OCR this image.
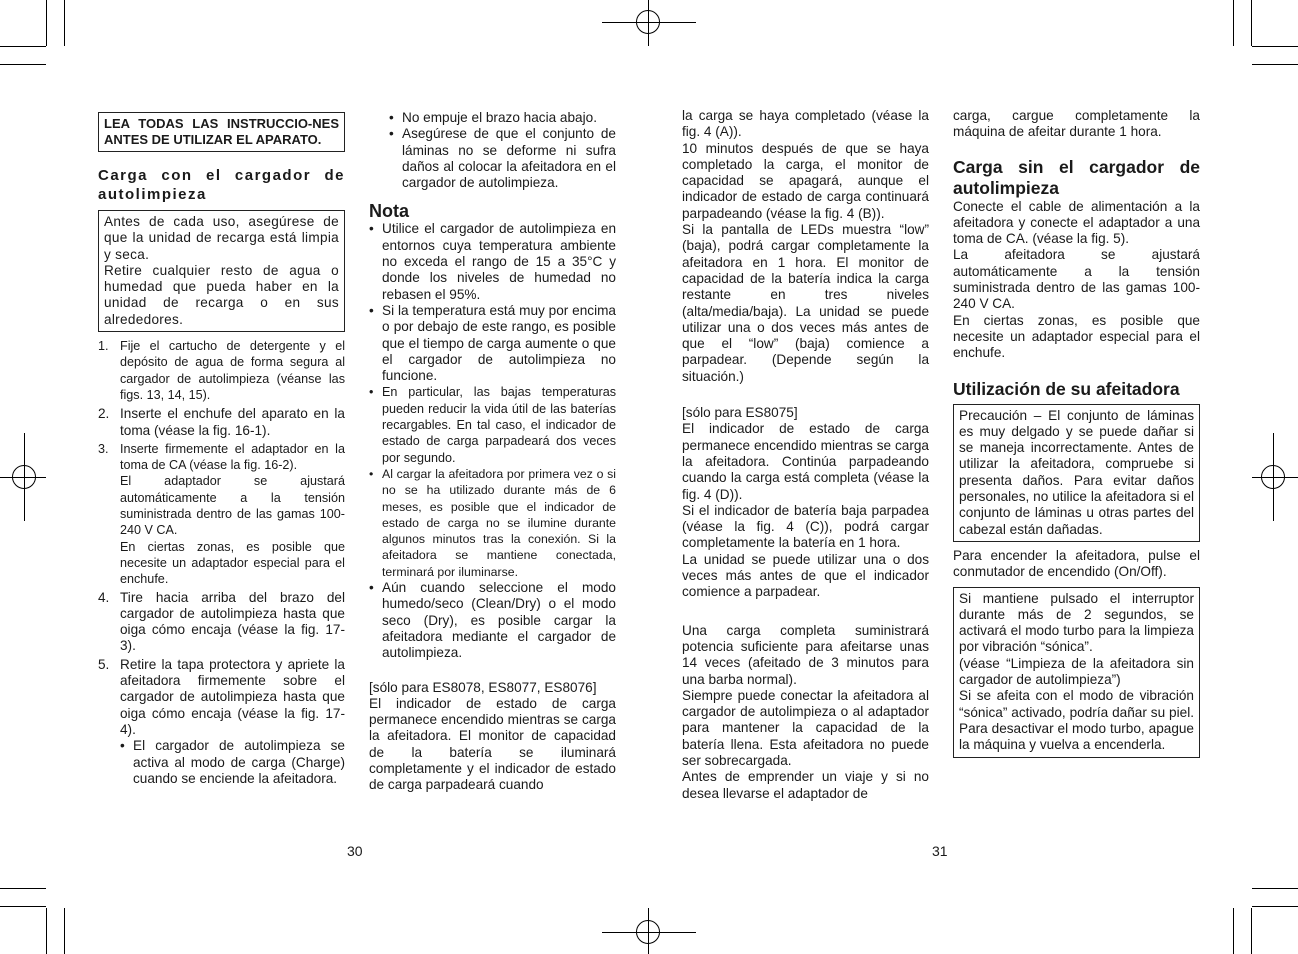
LEA TODAS LAS INSTRUCCIO-NES ANTES DE UTILIZAR EL APARATO.

Carga con el cargador de autolimpieza

Antes de cada uso, asegúrese de que la unidad de recarga está limpia y seca.

Retire cualquier resto de agua o humedad que pueda haber en la unidad de recarga o en sus alrededores.

1. Fije el cartucho de detergente y el depósito de agua de forma segura al cargador de autolimpieza (véanse las figs. 13, 14, 15).

2. Inserte el enchufe del aparato en la toma (véase la fig. 16-1).

3. Inserte firmemente el adaptador en la toma de CA (véase la fig. 16-2).

El adaptador se ajustará automáticamente a la tensión suministrada dentro de las gamas 100-240 V CA.

En ciertas zonas, es posible que necesite un adaptador especial para el enchufe.

4. Tire hacia arriba del brazo del cargador de autolimpieza hasta que oiga cómo encaja (véase la fig. 17-3).

5. Retire la tapa protectora y apriete la afeitadora firmemente sobre el cargador de autolimpieza hasta que oiga cómo encaja (véase la fig. 17-4).

• El cargador de autolimpieza se activa al modo de carga (Charge) cuando se enciende la afeitadora.

30

• No empuje el brazo hacia abajo.

• Asegúrese de que el conjunto de láminas no se deforme ni sufra daños al colocar la afeitadora en el cargador de autolimpieza.

Nota

• Utilice el cargador de autolimpieza en entornos cuya temperatura ambiente no exceda el rango de 15 a 35°C y donde los niveles de humedad no rebasen el 95%.

• Si la temperatura está muy por encima o por debajo de este rango, es posible que el tiempo de carga aumente o que el cargador de autolimpieza no funcione.

• En particular, las bajas temperaturas pueden reducir la vida útil de las baterías recargables. En tal caso, el indicador de estado de carga parpadeará dos veces por segundo.

• Al cargar la afeitadora por primera vez o si no se ha utilizado durante más de 6 meses, es posible que el indicador de estado de carga no se ilumine durante algunos minutos tras la conexión. Si la afeitadora se mantiene conectada, terminará por iluminarse.

• Aún cuando seleccione el modo humedo/seco (Clean/Dry) o el modo seco (Dry), es posible cargar la afeitadora mediante el cargador de autolimpieza.

[sólo para ES8078, ES8077, ES8076]

El indicador de estado de carga permanece encendido mientras se carga la afeitadora. El monitor de capacidad de la batería se iluminará completamente y el indicador de estado de carga parpadeará cuando

la carga se haya completado (véase la fig. 4 (A)).

10 minutos después de que se haya completado la carga, el monitor de capacidad se apagará, aunque el indicador de estado de carga continuará parpadeando (véase la fig. 4 (B)).

Si la pantalla de LEDs muestra “low” (baja), podrá cargar completamente la afeitadora en 1 hora. El monitor de capacidad de la batería indica la carga restante en tres niveles (alta/media/baja). La unidad se puede utilizar una o dos veces más antes de que el “low” (baja) comience a parpadear. (Depende según la situación.)

[sólo para ES8075]

El indicador de estado de carga permanece encendido mientras se carga la afeitadora. Continúa parpadeando cuando la carga está completa (véase la fig. 4 (D)).

Si el indicador de batería baja parpadea (véase la fig. 4 (C)), podrá cargar completamente la batería en 1 hora.

La unidad se puede utilizar una o dos veces más antes de que el indicador comience a parpadear.

Una carga completa suministrará potencia suficiente para afeitarse unas 14 veces (afeitado de 3 minutos para una barba normal).

Siempre puede conectar la afeitadora al cargador de autolimpieza o al adaptador para mantener la capacidad de la batería llena. Esta afeitadora no puede ser sobrecargada.

Antes de emprender un viaje y si no desea llevarse el adaptador de

31

carga, cargue completamente la máquina de afeitar durante 1 hora.

Carga sin el cargador de autolimpieza

Conecte el cable de alimentación a la afeitadora y conecte el adaptador a una toma de CA. (véase la fig. 5).

La afeitadora se ajustará automáticamente a la tensión suministrada dentro de las gamas 100-240 V CA.

En ciertas zonas, es posible que necesite un adaptador especial para el enchufe.

Utilización de su afeitadora

Precaución – El conjunto de láminas es muy delgado y se puede dañar si se maneja incorrectamente. Antes de utilizar la afeitadora, compruebe si presenta daños. Para evitar daños personales, no utilice la afeitadora si el conjunto de láminas u otras partes del cabezal están dañadas.

Para encender la afeitadora, pulse el conmutador de encendido (On/Off).

Si mantiene pulsado el interruptor durante más de 2 segundos, se activará el modo turbo para la limpieza por vibración “sónica”.

(véase “Limpieza de la afeitadora sin cargador de autolimpieza”)

Si se afeita con el modo de vibración “sónica” activado, podría dañar su piel. Para desactivar el modo turbo, apague la máquina y vuelva a encenderla.
